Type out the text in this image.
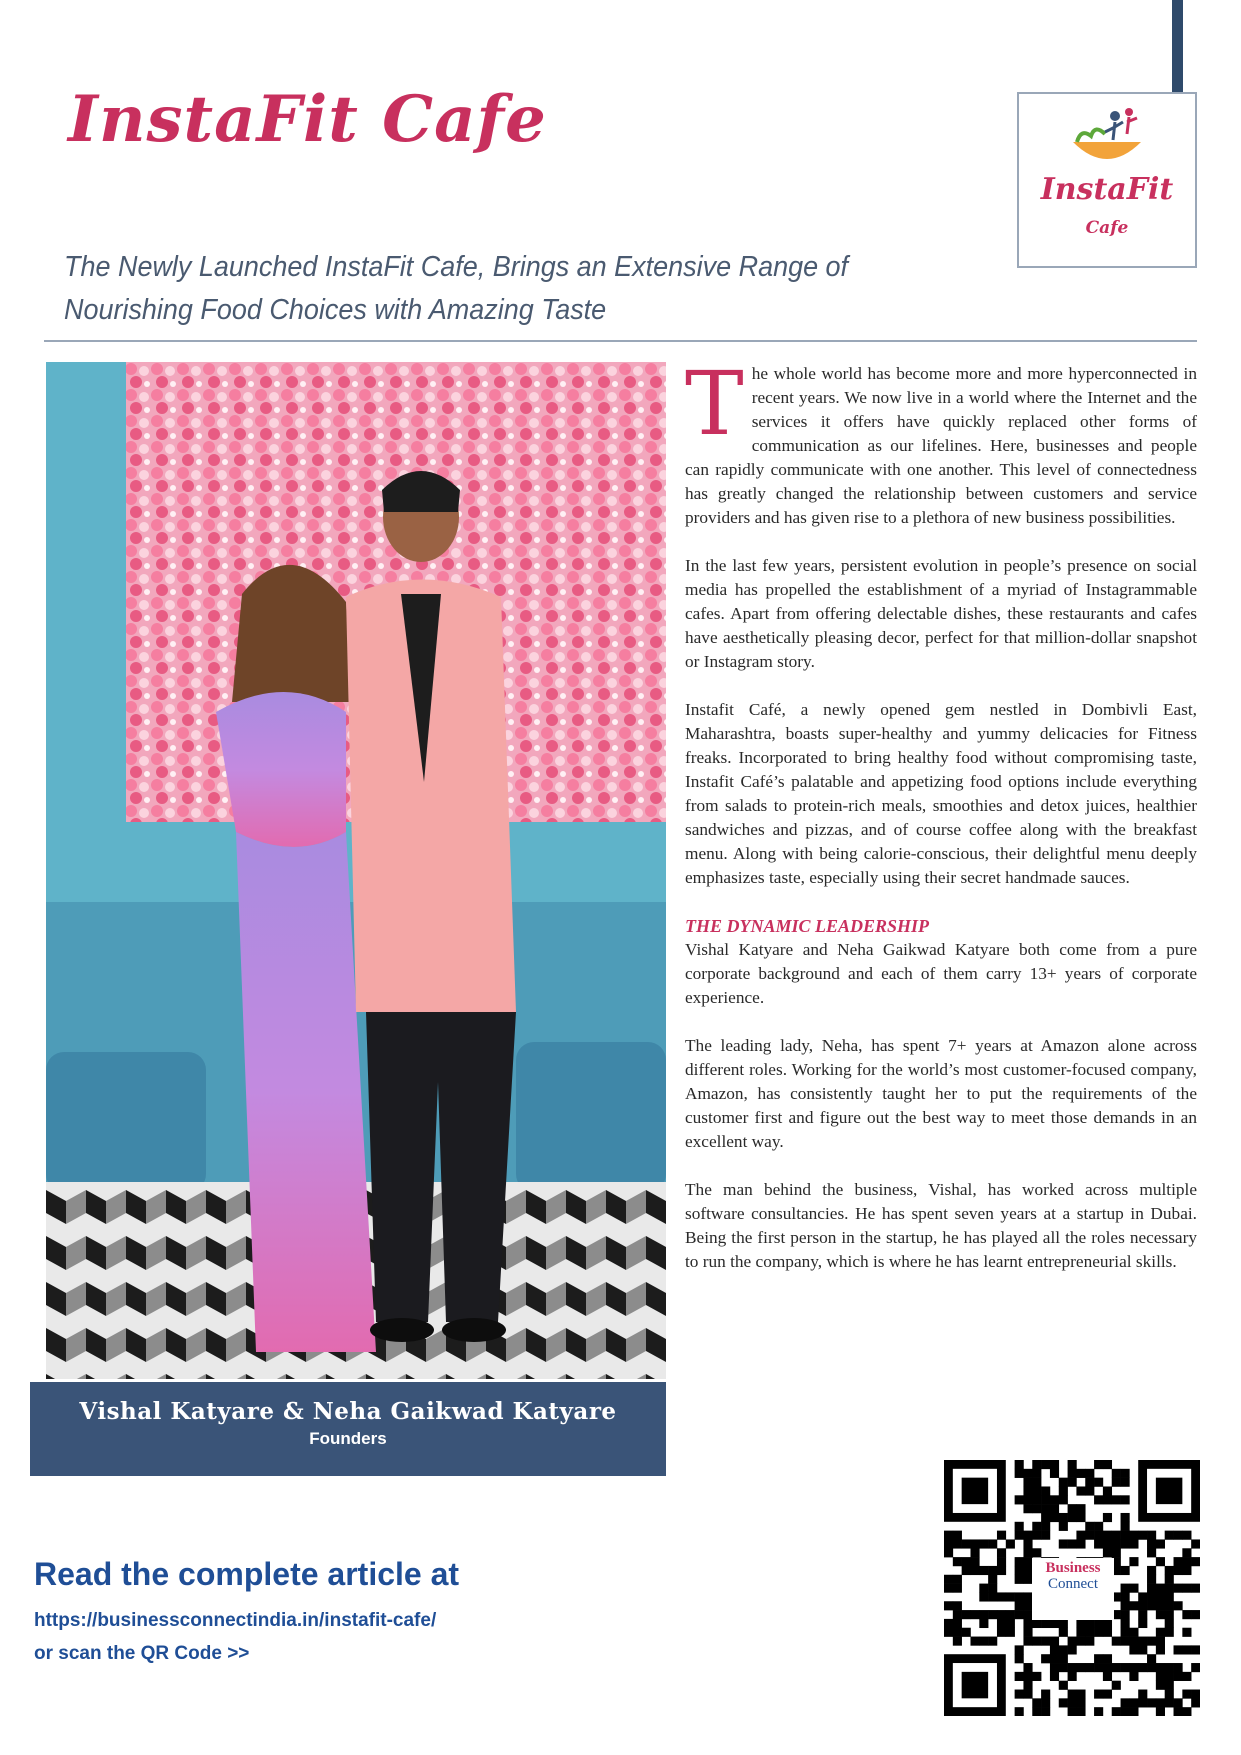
InstaFit Cafe
InstaFit
Cafe
The Newly Launched InstaFit Cafe, Brings an Extensive Range of
Nourishing Food Choices with Amazing Taste
Vishal Katyare & Neha Gaikwad Katyare
Founders

The whole world has become more and more hyperconnected in recent years. We now live in a world where the Internet and the services it offers have quickly replaced other forms of communication as our lifelines. Here, businesses and people can rapidly communicate with one another. This level of connectedness has greatly changed the relationship between customers and service providers and has given rise to a plethora of new business possibilities.

In the last few years, persistent evolution in people’s presence on social media has propelled the establishment of a myriad of Instagrammable cafes. Apart from offering delectable dishes, these restaurants and cafes have aesthetically pleasing decor, perfect for that million-dollar snapshot or Instagram story.

Instafit Café, a newly opened gem nestled in Dombivli East, Maharashtra, boasts super-healthy and yummy delicacies for Fitness freaks. Incorporated to bring healthy food without compromising taste, Instafit Café’s palatable and appetizing food options include everything from salads to protein-rich meals, smoothies and detox juices, healthier sandwiches and pizzas, and of course coffee along with the breakfast menu. Along with being calorie-conscious, their delightful menu deeply emphasizes taste, especially using their secret handmade sauces.

THE DYNAMIC LEADERSHIP

Vishal Katyare and Neha Gaikwad Katyare both come from a pure corporate background and each of them carry 13+ years of corporate experience.

The leading lady, Neha, has spent 7+ years at Amazon alone across different roles. Working for the world’s most customer-focused company, Amazon, has consistently taught her to put the requirements of the customer first and figure out the best way to meet those demands in an excellent way.

The man behind the business, Vishal, has worked across multiple software consultancies. He has spent seven years at a startup in Dubai. Being the first person in the startup, he has played all the roles necessary to run the company, which is where he has learnt entrepreneurial skills.

Read the complete article at
https://businessconnectindia.in/instafit-cafe/
or scan the QR Code >>
Business
Connect
